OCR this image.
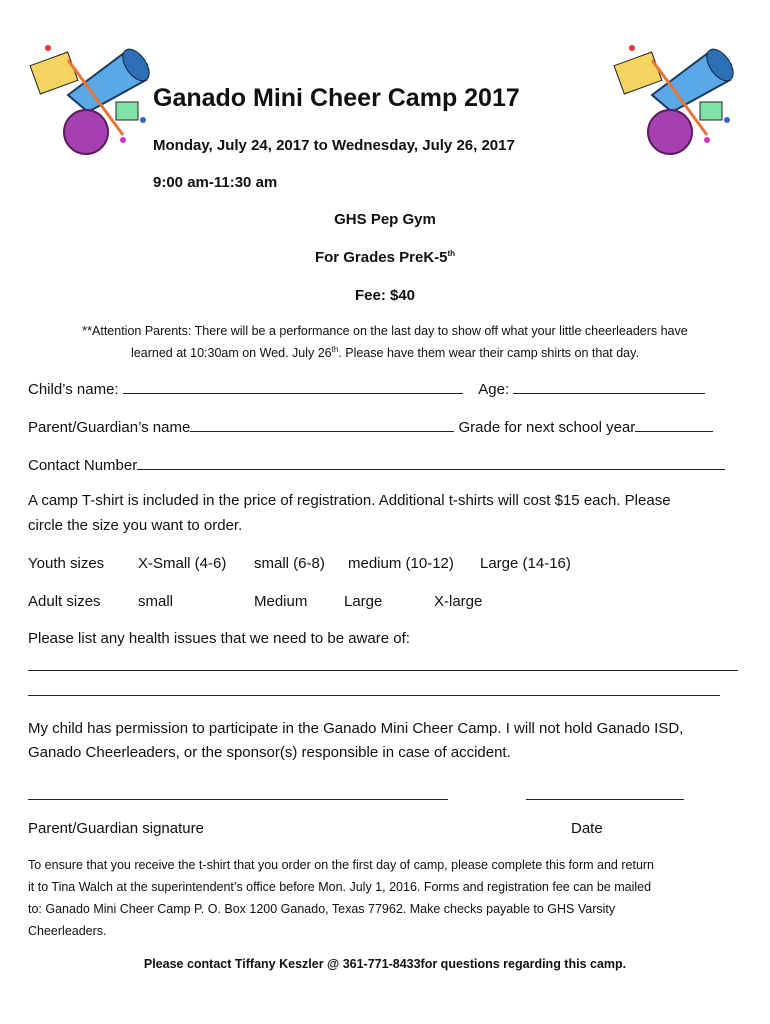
Ganado Mini Cheer Camp 2017
Monday, July 24, 2017 to Wednesday, July 26, 2017
9:00 am-11:30 am
GHS Pep Gym
For Grades PreK-5th
Fee: $40
**Attention Parents: There will be a performance on the last day to show off what your little cheerleaders have
learned at 10:30am on Wed. July 26th. Please have them wear their camp shirts on that day.
Child’s name:	Age:
Parent/Guardian’s name	Grade for next school year
Contact Number
A camp T-shirt is included in the price of registration. Additional t-shirts will cost $15 each. Please
circle the size you want to order.
Youth sizes X-Small (4-6) small (6-8) medium (10-12) Large (14-16)
Adult sizes small	Medium Large	X-large
Please list any health issues that we need to be aware of:
My child has permission to participate in the Ganado Mini Cheer Camp. I will not hold Ganado ISD,
Ganado Cheerleaders, or the sponsor(s) responsible in case of accident.
Parent/Guardian signature	Date
To ensure that you receive the t-shirt that you order on the first day of camp, please complete this form and return
it to Tina Walch at the superintendent’s office before Mon. July 1, 2016. Forms and registration fee can be mailed
to: Ganado Mini Cheer Camp P. O. Box 1200 Ganado, Texas 77962. Make checks payable to GHS Varsity
Cheerleaders.
Please contact Tiffany Keszler @ 361-771-8433for questions regarding this camp.
